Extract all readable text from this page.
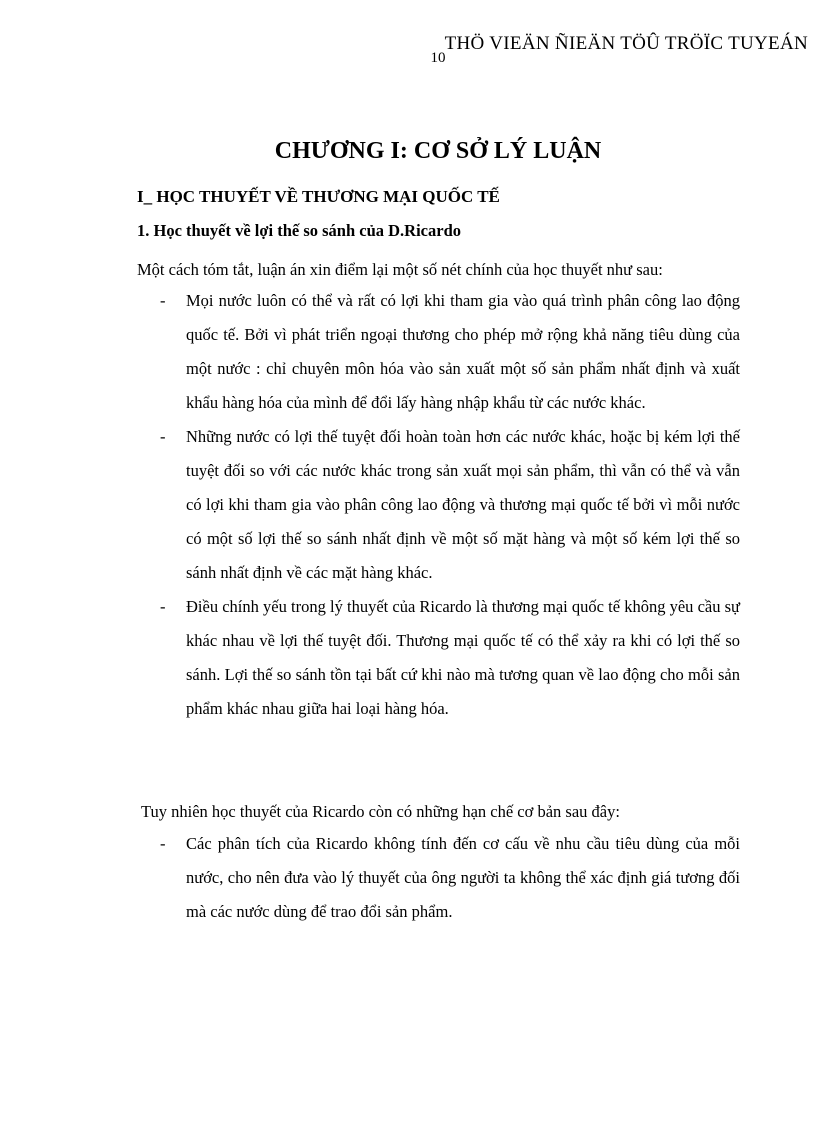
THÖ VIEÄN ÑIEÄN TÖÛ TRÖÏC TUYEÁN
10
CHƯƠNG I: CƠ SỞ LÝ LUẬN
I_ HỌC THUYẾT VỀ THƯƠNG MẠI QUỐC TẾ
1. Học thuyết về lợi thế so sánh của D.Ricardo

Một cách tóm tắt, luận án xin điểm lại một số nét chính của học thuyết như sau:

- Mọi nước luôn có thể và rất có lợi khi tham gia vào quá trình phân công lao động quốc tế. Bởi vì phát triển ngoại thương cho phép mở rộng khả năng tiêu dùng của một nước : chỉ chuyên môn hóa vào sản xuất một số sản phẩm nhất định và xuất khẩu hàng hóa của mình để đổi lấy hàng nhập khẩu từ các nước khác.
- Những nước có lợi thế tuyệt đối hoàn toàn hơn các nước khác, hoặc bị kém lợi thế tuyệt đối so với các nước khác trong sản xuất mọi sản phẩm, thì vẫn có thể và vẫn có lợi khi tham gia vào phân công lao động và thương mại quốc tế bởi vì mỗi nước có một số lợi thế so sánh nhất định về một số mặt hàng và một số kém lợi thế so sánh nhất định về các mặt hàng khác.
- Điều chính yếu trong lý thuyết của Ricardo là thương mại quốc tế không yêu cầu sự khác nhau về lợi thế tuyệt đối. Thương mại quốc tế có thể xảy ra khi có lợi thế so sánh. Lợi thế so sánh tồn tại bất cứ khi nào mà tương quan về lao động cho mỗi sản phẩm khác nhau giữa hai loại hàng hóa.

Tuy nhiên học thuyết của Ricardo còn có những hạn chế cơ bản sau đây:

- Các phân tích của Ricardo không tính đến cơ cấu về nhu cầu tiêu dùng của mỗi nước, cho nên đưa vào lý thuyết của ông người ta không thể xác định giá tương đối mà các nước dùng để trao đổi sản phẩm.
